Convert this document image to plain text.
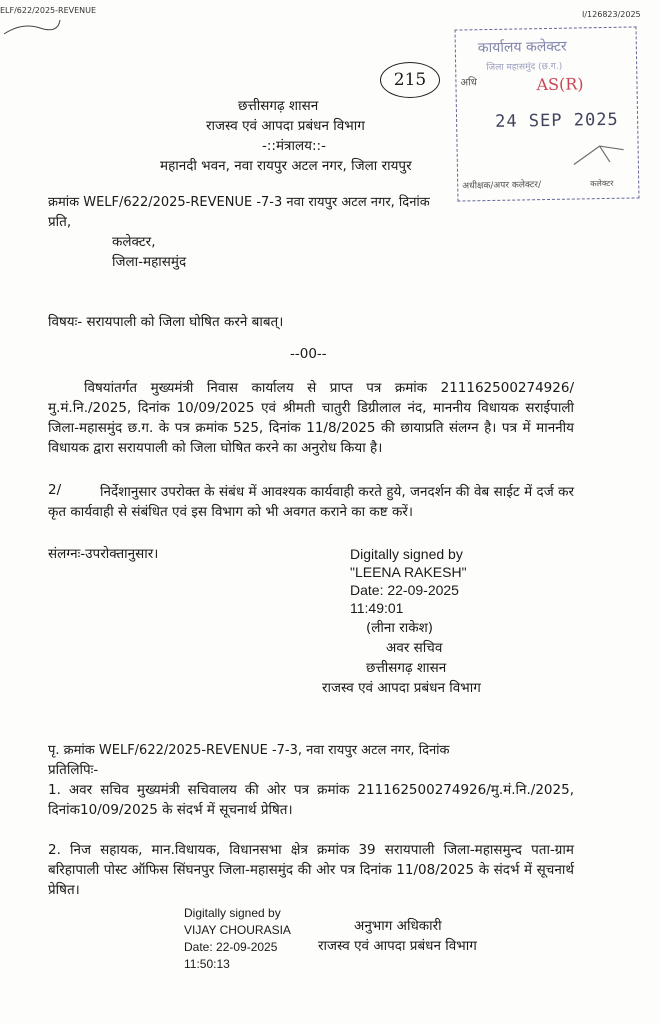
ELF/622/2025-REVENUE	I/126823/2025
215
कार्यालय कलेक्टर
जिला महासमुंद (छ.ग.)
अधि	AS(R)
24 SEP 2025
अधीक्षक/अपर कलेक्टर/	कलेक्टर
छत्तीसगढ़ शासन
राजस्व एवं आपदा प्रबंधन विभाग
-::मंत्रालय::-
महानदी भवन, नवा रायपुर अटल नगर, जिला रायपुर
क्रमांक WELF/622/2025-REVENUE -7-3 नवा रायपुर अटल नगर, दिनांक
प्रति,
कलेक्टर,
जिला-महासमुंद
विषयः- सरायपाली को जिला घोषित करने बाबत्।
--00--
विषयांतर्गत मुख्यमंत्री निवास कार्यालय से प्राप्त पत्र क्रमांक 211162500274926/मु.मं.नि./2025, दिनांक 10/09/2025 एवं श्रीमती चातुरी डिग्रीलाल नंद, माननीय विधायक सराईपाली जिला-महासमुंद छ.ग. के पत्र क्रमांक 525, दिनांक 11/8/2025 की छायाप्रति संलग्न है। पत्र में माननीय विधायक द्वारा सरायपाली को जिला घोषित करने का अनुरोध किया है।
2/	निर्देशानुसार उपरोक्त के संबंध में आवश्यक कार्यवाही करते हुये, जनदर्शन की वेब साईट में दर्ज कर कृत कार्यवाही से संबंधित एवं इस विभाग को भी अवगत कराने का कष्ट करें।
संलग्नः-उपरोक्तानुसार।	Digitally signed by
"LEENA RAKESH"
Date: 22-09-2025
11:49:01
(लीना राकेश)
अवर सचिव
छत्तीसगढ़ शासन
राजस्व एवं आपदा प्रबंधन विभाग
पृ. क्रमांक WELF/622/2025-REVENUE -7-3, नवा रायपुर अटल नगर, दिनांक
प्रतिलिपिः-
1. अवर सचिव मुख्यमंत्री सचिवालय की ओर पत्र क्रमांक 211162500274926/मु.मं.नि./2025, दिनांक10/09/2025 के संदर्भ में सूचनार्थ प्रेषित।
2. निज सहायक, मान.विधायक, विधानसभा क्षेत्र क्रमांक 39 सरायपाली जिला-महासमुन्द पता-ग्राम बरिहापाली पोस्ट ऑफिस सिंघनपुर जिला-महासमुंद की ओर पत्र दिनांक 11/08/2025 के संदर्भ में सूचनार्थ प्रेषित।
Digitally signed by
VIJAY CHOURASIA
Date: 22-09-2025
11:50:13
अनुभाग अधिकारी
राजस्व एवं आपदा प्रबंधन विभाग
